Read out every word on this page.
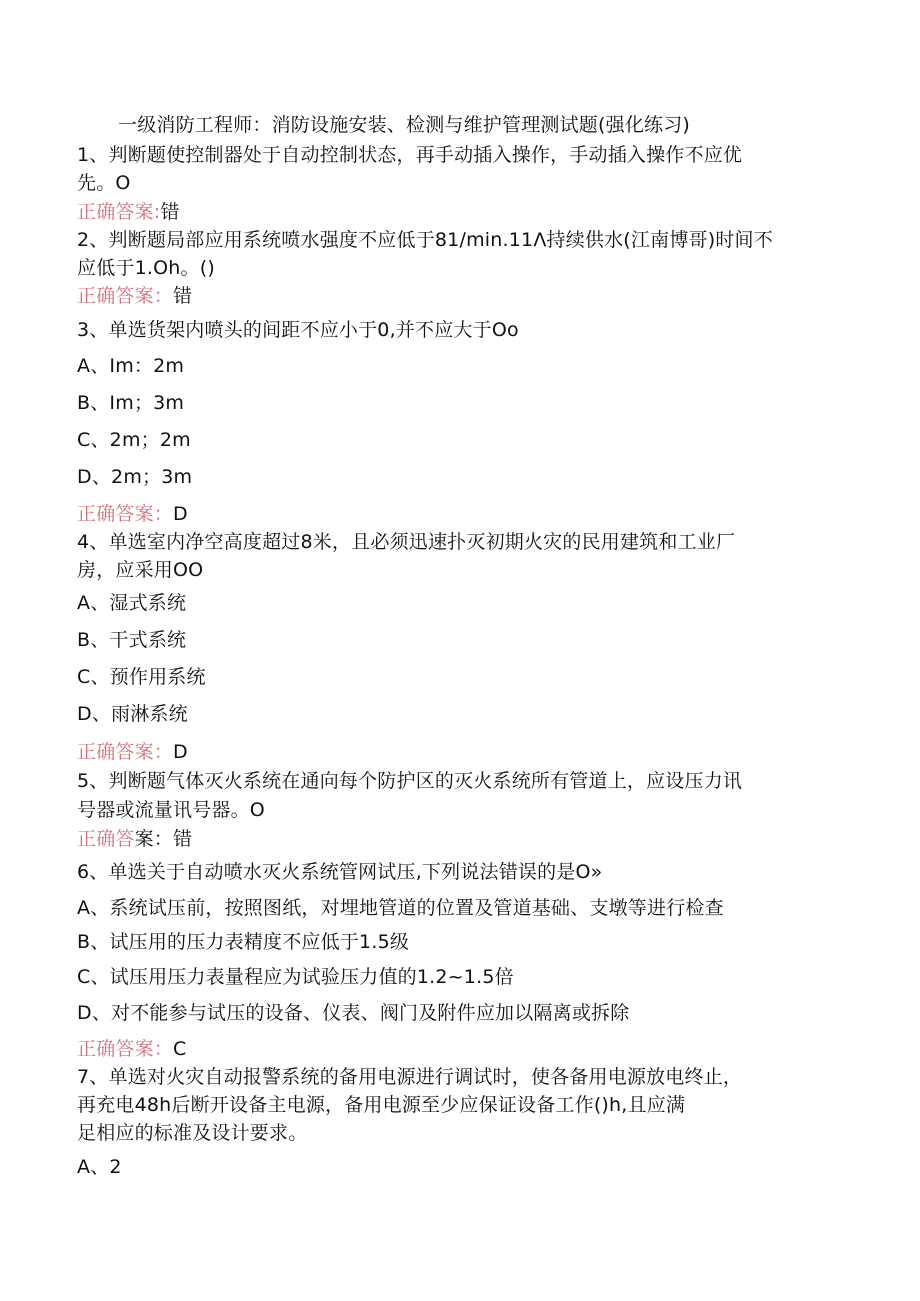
一级消防工程师：消防设施安装、检测与维护管理测试题(强化练习)
1、判断题使控制器处于自动控制状态，再手动插入操作，手动插入操作不应优
先。O
正确答案:错
2、判断题局部应用系统喷水强度不应低于81∕min.11Λ持续供水(江南博哥)时间不
应低于1.Oh。()
正确答案：错
3、单选货架内喷头的间距不应小于0,并不应大于Oo
A、Im：2m
B、Im；3m
C、2m；2m
D、2m；3m
正确答案：D
4、单选室内净空高度超过8米，且必须迅速扑灭初期火灾的民用建筑和工业厂
房，应采用OO
A、湿式系统
B、干式系统
C、预作用系统
D、雨淋系统
正确答案：D
5、判断题气体灭火系统在通向每个防护区的灭火系统所有管道上，应设压力讯
号器或流量讯号器。O
正确答案：错
6、单选关于自动喷水灭火系统管网试压,下列说法错误的是O»
A、系统试压前，按照图纸，对埋地管道的位置及管道基础、支墩等进行检查
B、试压用的压力表精度不应低于1.5级
C、试压用压力表量程应为试验压力值的1.2~1.5倍
D、对不能参与试压的设备、仪表、阀门及附件应加以隔离或拆除
正确答案：C
7、单选对火灾自动报警系统的备用电源进行调试时，使各备用电源放电终止，
再充电48h后断开设备主电源，备用电源至少应保证设备工作()h,且应满
足相应的标准及设计要求。
A、2
